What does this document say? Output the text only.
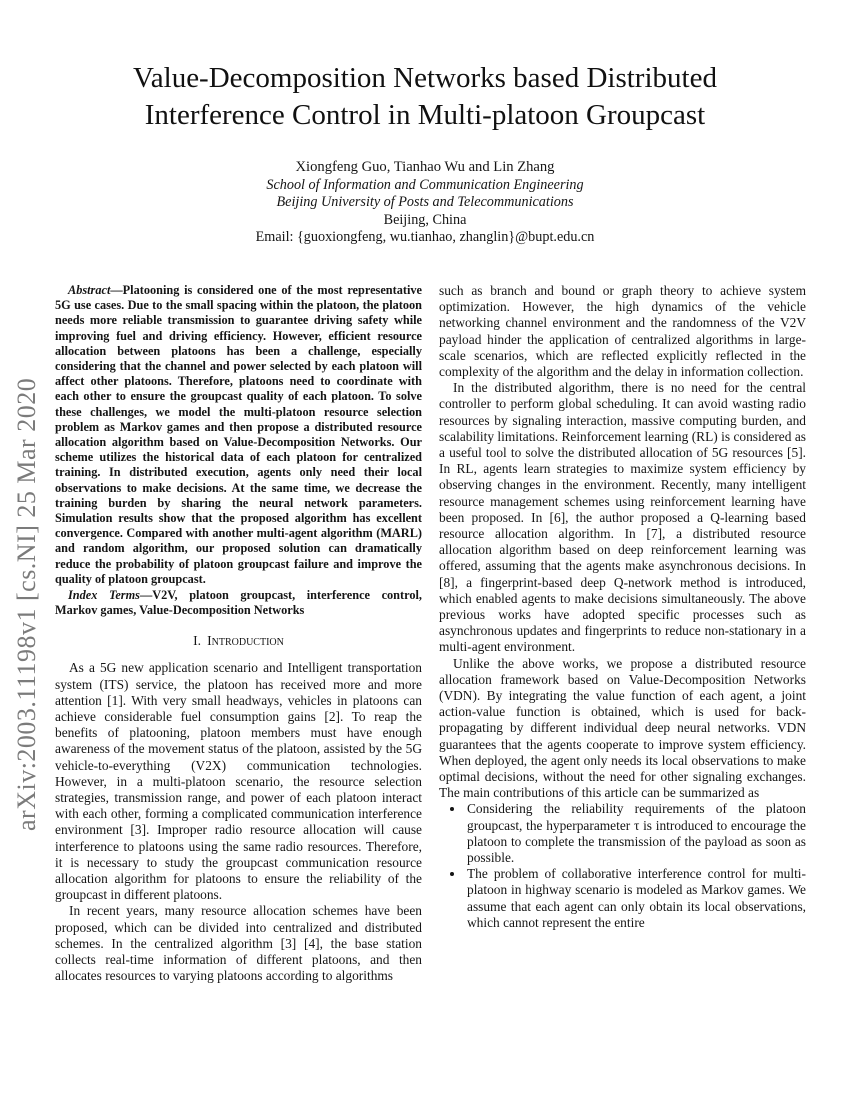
arXiv:2003.11198v1 [cs.NI] 25 Mar 2020
Value-Decomposition Networks based Distributed
Interference Control in Multi-platoon Groupcast
Xiongfeng Guo, Tianhao Wu and Lin Zhang
School of Information and Communication Engineering
Beijing University of Posts and Telecommunications
Beijing, China
Email: {guoxiongfeng, wu.tianhao, zhanglin}@bupt.edu.cn

Abstract—Platooning is considered one of the most representative 5G use cases. Due to the small spacing within the platoon, the platoon needs more reliable transmission to guarantee driving safety while improving fuel and driving efficiency. However, efficient resource allocation between platoons has been a challenge, especially considering that the channel and power selected by each platoon will affect other platoons. Therefore, platoons need to coordinate with each other to ensure the groupcast quality of each platoon. To solve these challenges, we model the multi-platoon resource selection problem as Markov games and then propose a distributed resource allocation algorithm based on Value-Decomposition Networks. Our scheme utilizes the historical data of each platoon for centralized training. In distributed execution, agents only need their local observations to make decisions. At the same time, we decrease the training burden by sharing the neural network parameters. Simulation results show that the proposed algorithm has excellent convergence. Compared with another multi-agent algorithm (MARL) and random algorithm, our proposed solution can dramatically reduce the probability of platoon groupcast failure and improve the quality of platoon groupcast.

Index Terms—V2V, platoon groupcast, interference control, Markov games, Value-Decomposition Networks

I. Introduction

As a 5G new application scenario and Intelligent transportation system (ITS) service, the platoon has received more and more attention [1]. With very small headways, vehicles in platoons can achieve considerable fuel consumption gains [2]. To reap the benefits of platooning, platoon members must have enough awareness of the movement status of the platoon, assisted by the 5G vehicle-to-everything (V2X) communication technologies. However, in a multi-platoon scenario, the resource selection strategies, transmission range, and power of each platoon interact with each other, forming a complicated communication interference environment [3]. Improper radio resource allocation will cause interference to platoons using the same radio resources. Therefore, it is necessary to study the groupcast communication resource allocation algorithm for platoons to ensure the reliability of the groupcast in different platoons.

In recent years, many resource allocation schemes have been proposed, which can be divided into centralized and distributed schemes. In the centralized algorithm [3] [4], the base station collects real-time information of different platoons, and then allocates resources to varying platoons according to algorithms

such as branch and bound or graph theory to achieve system optimization. However, the high dynamics of the vehicle networking channel environment and the randomness of the V2V payload hinder the application of centralized algorithms in large-scale scenarios, which are reflected explicitly reflected in the complexity of the algorithm and the delay in information collection.

In the distributed algorithm, there is no need for the central controller to perform global scheduling. It can avoid wasting radio resources by signaling interaction, massive computing burden, and scalability limitations. Reinforcement learning (RL) is considered as a useful tool to solve the distributed allocation of 5G resources [5]. In RL, agents learn strategies to maximize system efficiency by observing changes in the environment. Recently, many intelligent resource management schemes using reinforcement learning have been proposed. In [6], the author proposed a Q-learning based resource allocation algorithm. In [7], a distributed resource allocation algorithm based on deep reinforcement learning was offered, assuming that the agents make asynchronous decisions. In [8], a fingerprint-based deep Q-network method is introduced, which enabled agents to make decisions simultaneously. The above previous works have adopted specific processes such as asynchronous updates and fingerprints to reduce non-stationary in a multi-agent environment.

Unlike the above works, we propose a distributed resource allocation framework based on Value-Decomposition Networks (VDN). By integrating the value function of each agent, a joint action-value function is obtained, which is used for back-propagating by different individual deep neural networks. VDN guarantees that the agents cooperate to improve system efficiency. When deployed, the agent only needs its local observations to make optimal decisions, without the need for other signaling exchanges. The main contributions of this article can be summarized as

• Considering the reliability requirements of the platoon groupcast, the hyperparameter τ is introduced to encourage the platoon to complete the transmission of the payload as soon as possible.
• The problem of collaborative interference control for multi-platoon in highway scenario is modeled as Markov games. We assume that each agent can only obtain its local observations, which cannot represent the entire
